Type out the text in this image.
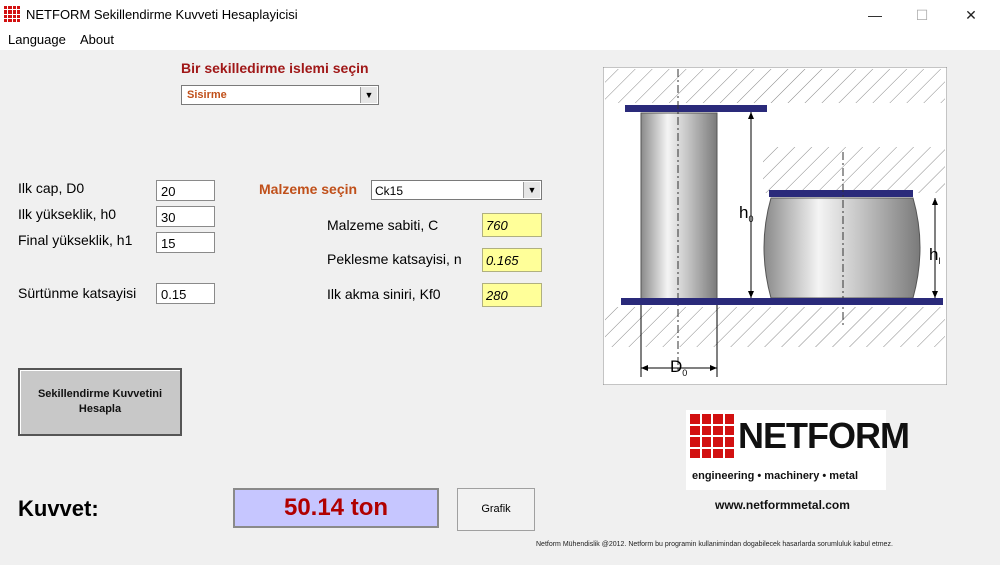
NETFORM Sekillendirme Kuvveti Hesaplayicisi	—	☐	✕
Language About
Bir sekilledirme islemi seçin
Sisirme	▼
Ilk cap, D0	20
Ilk yükseklik, h0	30
Final yükseklik, h1	15
Sürtünme katsayisi	0.15
Malzeme seçin Ck15	▼
Malzeme sabiti, C	760
Peklesme katsayisi, n	0.165
Ilk akma siniri, Kf0	280
Sekillendirme Kuvvetini Hesapla
Kuvvet:	50.14 ton	Grafik
$h_0$
$h_l$
$D_0$
NETFORM
engineering • machinery • metal
www.netformmetal.com
Netform Mühendislik @2012. Netform bu programin kullanimindan dogabilecek hasarlarda sorumluluk kabul etmez.
